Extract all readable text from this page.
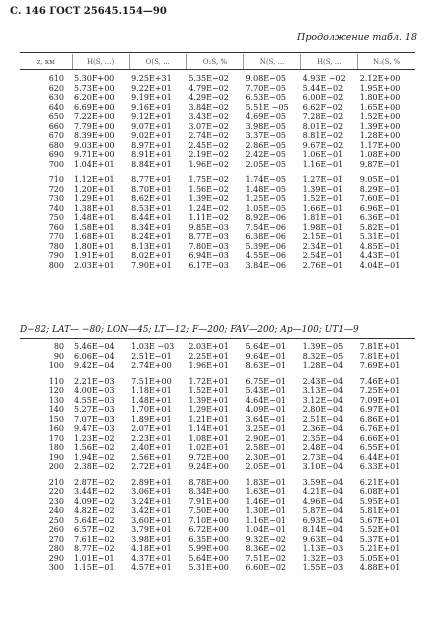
С. 146 ГОСТ 25645.154—90
Продолжение табл. 18
z, км	Н(S, ...)	O(S, ...	O₂S, %	N(S, ...	H(S, ...	N₂(S, %
610	5.30F+00	9.25E+31	5.35E−02	9.08E−05	4.93E −02	2.12E+00
620	5.73E+00	9.22E+01	4.79E−02	7.70E−05	5.44E−02	1.95E+00
630	6.20E+00	9.19E+01	4.29E−02	6.53E−05	6.00E−02	1.80E+00
640	6.69E+00	9.16E+01	3.84E−02	5.51E −05	6.62F−02	1.65E+00
650	7.22E+00	9.12E+01	3.43E−02	4.69E−05	7.28E−02	1.52E+00
660	7.79E+00	9.07E+01	3.07E−02	3.98E−05	8.01E−02	1.39E+00
670	8.39E+00	9.02E+01	2.74E−02	3.37E−05	8.81E−02	1.28E+00
680	9.03E+00	8.97E+01	2.45E−02	2.86E−05	9.67E−02	1.17E+00
690	9.71E+00	8.91E+01	2.19E−02	2.42E−05	1.06E−01	1.08E+00
700	1.04E+01	8.84E+01	1.96E−02	2.05E−05	1.16E−01	9.87E−01

710	1.12E+01	8.77E+01	1.75E−02	1.74E−05	1.27E−01	9.05E−01
720	1.20E+01	8.70E+01	1.56E−02	1.48E−05	1.39E−01	8.29E−01
730	1.29E+01	8.62E+01	1.39E−02	1.25E−05	1.52E−01	7.60E−01
740	1.38E+01	8.53E+01	1.24E−02	1.05E−05	1.66E−01	6.96E−01
750	1.48E+01	8.44E+01	1.11E−02	8.92E−06	1.81E−01	6.36E−01
760	1.58E+01	8.34E+01	9.85E−03	7.54E−06	1.98E−01	5.82E−01
770	1.68E+01	8.24E+01	8.77E−03	6.38E−06	2.15E−01	5.31E−01
780	1.80E+01	8.13E+01	7.80E−03	5.39E−06	2.34E−01	4.85E−01
790	1.91E+01	8.02E+01	6.94E−03	4.55E−06	2.54E−01	4.43E−01
800	2.03E+01	7.90E+01	6.17E−03	3.84E−06	2.76E−01	4.04E−01
D−82; LAT— −80; LON—45; LT—12; F—200; FAV—200; Ap—100; UT1—9
80	5.46E−04	1.03E −03	2.03E+01	5.64E−01	1.39E−05	7.81E+01
90	6.06E−04	2.51E−01	2.25E+01	9.64E−01	8.32E−05	7.81E+01
100	9.42E−04	2.74E+00	1.96E+01	8.63E−01	1.28E−04	7.69E+01

110	2.21E−03	7.51E+00	1.72E+01	6.75E−01	2.43E−04	7.46E+01
120	4.00E−03	1.18E+01	1.52E+01	5.43E−01	3.13E−04	7.25E+01
130	4.55E−03	1.48E+01	1.39E+01	4.64E−01	3.12E−04	7.09E+01
140	5.27E−03	1.70E+01	1.29E+01	4.09E−01	2.80E−04	6.97E+01
150	7.07E−03	1.89E+01	1.21E+01	3.64E−01	2.51E−04	6.86E+01
160	9.47E−03	2.07E+01	1.14E+01	3.25E−01	2.36E−04	6.76E+01
170	1.23E−02	2.23E+01	1.08E+01	2.90E−01	2.35E−04	6.66E+01
180	1.56E−02	2.40E+01	1.02E+01	2.58E−01	2.48E−04	6.55E+01
190	1.94E−02	2.56E+01	9.72E+00	2.30E−01	2.73E−04	6.44E+01
200	2.38E−02	2.72E+01	9.24E+00	2.05E−01	3.10E−04	6.33E+01

210	2.87E−02	2.89E+01	8.78E+00	1.83E−01	3.59E−04	6.21E+01
220	3.44E−02	3.06E+01	8.34E+00	1.63E−01	4.21E−04	6.08E+01
230	4.09E−02	3.24E+01	7.91E+00	1.46E−01	4.96E−04	5.95E+01
240	4.82E−02	3.42E+01	7.50E+00	1.30E−01	5.87E−04	5.81E+01
250	5.64E−02	3.60E+01	7.10E+00	1.16E−01	6.93E−04	5.67E+01
260	6.57E−02	3.79E+01	6.72E+00	1.04E−01	8.14E−04	5.52E+01
270	7.61E−02	3.98E+01	6.35E+00	9.32E−02	9.63E−04	5.37E+01
280	8.77E−02	4.18E+01	5.99E+00	8.36E−02	1.13E−03	5.21E+01
290	1.01E−01	4.37E+01	5.64E+00	7.51E−02	1.32E−03	5.05E+01
300	1.15E−01	4.57E+01	5.31E+00	6.60E−02	1.55E−03	4.88E+01
